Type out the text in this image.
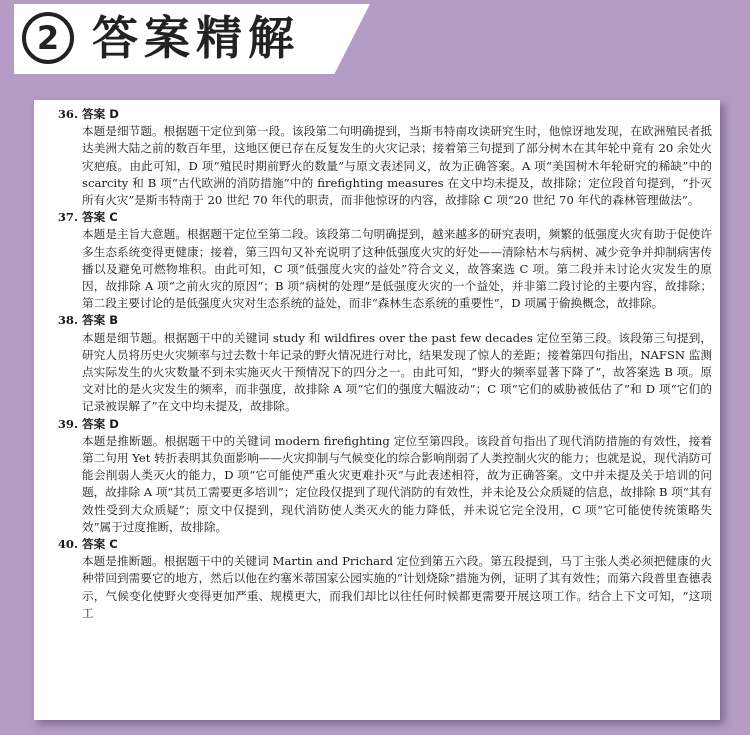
2 答案精解
36. 答案 D
本题是细节题。根据题干定位到第一段。该段第二句明确提到，当斯韦特南攻读研究生时，他惊讶地发现，在欧洲殖民者抵达美洲大陆之前的数百年里，这地区便已存在反复发生的火灾记录；接着第三句提到了部分树木在其年轮中竟有 20 余处火灾疤痕。由此可知，D 项“殖民时期前野火的数量”与原文表述同义，故为正确答案。A 项“美国树木年轮研究的稀缺”中的 scarcity 和 B 项“古代欧洲的消防措施”中的 firefighting measures 在文中均未提及，故排除；定位段首句提到，“扑灭所有火灾”是斯韦特南于 20 世纪 70 年代的职责，而非他惊讶的内容，故排除 C 项“20 世纪 70 年代的森林管理做法”。
37. 答案 C
本题是主旨大意题。根据题干定位至第二段。该段第二句明确提到，越来越多的研究表明，频繁的低强度火灾有助于促使许多生态系统变得更健康；接着，第三四句又补充说明了这种低强度火灾的好处——清除枯木与病树、减少竞争并抑制病害传播以及避免可燃物堆积。由此可知，C 项“低强度火灾的益处”符合文义，故答案选 C 项。第二段并未讨论火灾发生的原因，故排除 A 项“之前火灾的原因”；B 项“病树的处理”是低强度火灾的一个益处，并非第二段讨论的主要内容，故排除；第二段主要讨论的是低强度火灾对生态系统的益处，而非“森林生态系统的重要性”，D 项属于偷换概念，故排除。
38. 答案 B
本题是细节题。根据题干中的关键词 study 和 wildfires over the past few decades 定位至第三段。该段第三句提到，研究人员将历史火灾频率与过去数十年记录的野火情况进行对比，结果发现了惊人的差距；接着第四句指出，NAFSN 监测点实际发生的火灾数量不到未实施灭火干预情况下的四分之一。由此可知，“野火的频率显著下降了”，故答案选 B 项。原文对比的是火灾发生的频率，而非强度，故排除 A 项“它们的强度大幅波动”；C 项“它们的威胁被低估了”和 D 项“它们的记录被误解了”在文中均未提及，故排除。
39. 答案 D
本题是推断题。根据题干中的关键词 modern firefighting 定位至第四段。该段首句指出了现代消防措施的有效性，接着第二句用 Yet 转折表明其负面影响——火灾抑制与气候变化的综合影响削弱了人类控制火灾的能力；也就是说，现代消防可能会削弱人类灭火的能力，D 项“它可能使严重火灾更难扑灭”与此表述相符，故为正确答案。文中并未提及关于培训的问题，故排除 A 项“其员工需要更多培训”；定位段仅提到了现代消防的有效性，并未论及公众质疑的信息，故排除 B 项“其有效性受到大众质疑”；原文中仅提到，现代消防使人类灭火的能力降低，并未说它完全没用，C 项“它可能使传统策略失效”属于过度推断，故排除。
40. 答案 C
本题是推断题。根据题干中的关键词 Martin and Prichard 定位到第五六段。第五段提到，马丁主张人类必须把健康的火种带回到需要它的地方，然后以他在约塞米蒂国家公园实施的“计划烧除”措施为例，证明了其有效性；而第六段普里查德表示，气候变化使野火变得更加严重、规模更大，而我们却比以往任何时候都更需要开展这项工作。结合上下文可知，“这项工
